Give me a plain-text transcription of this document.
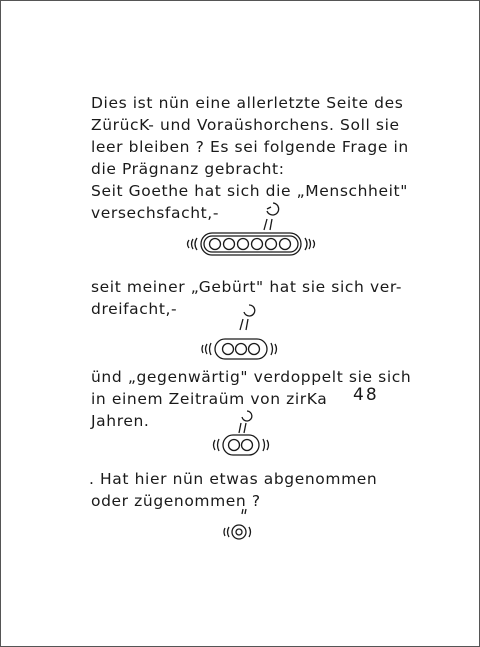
Dies ist nün eine allerletzte Seite des
ZürücK- und Voraüshorchens. Soll sie
leer bleiben ? Es sei folgende Frage in
die Prägnanz gebracht:
Seit Goethe hat sich die „Menschheit"
versechsfacht,-
seit meiner „Gebürt" hat sie sich ver-
dreifacht,-
ünd „gegenwärtig" verdoppelt sie sich
in einem Zeitraüm von zirKa 48
Jahren.
. Hat hier nün etwas abgenommen
oder zügenommen ?
